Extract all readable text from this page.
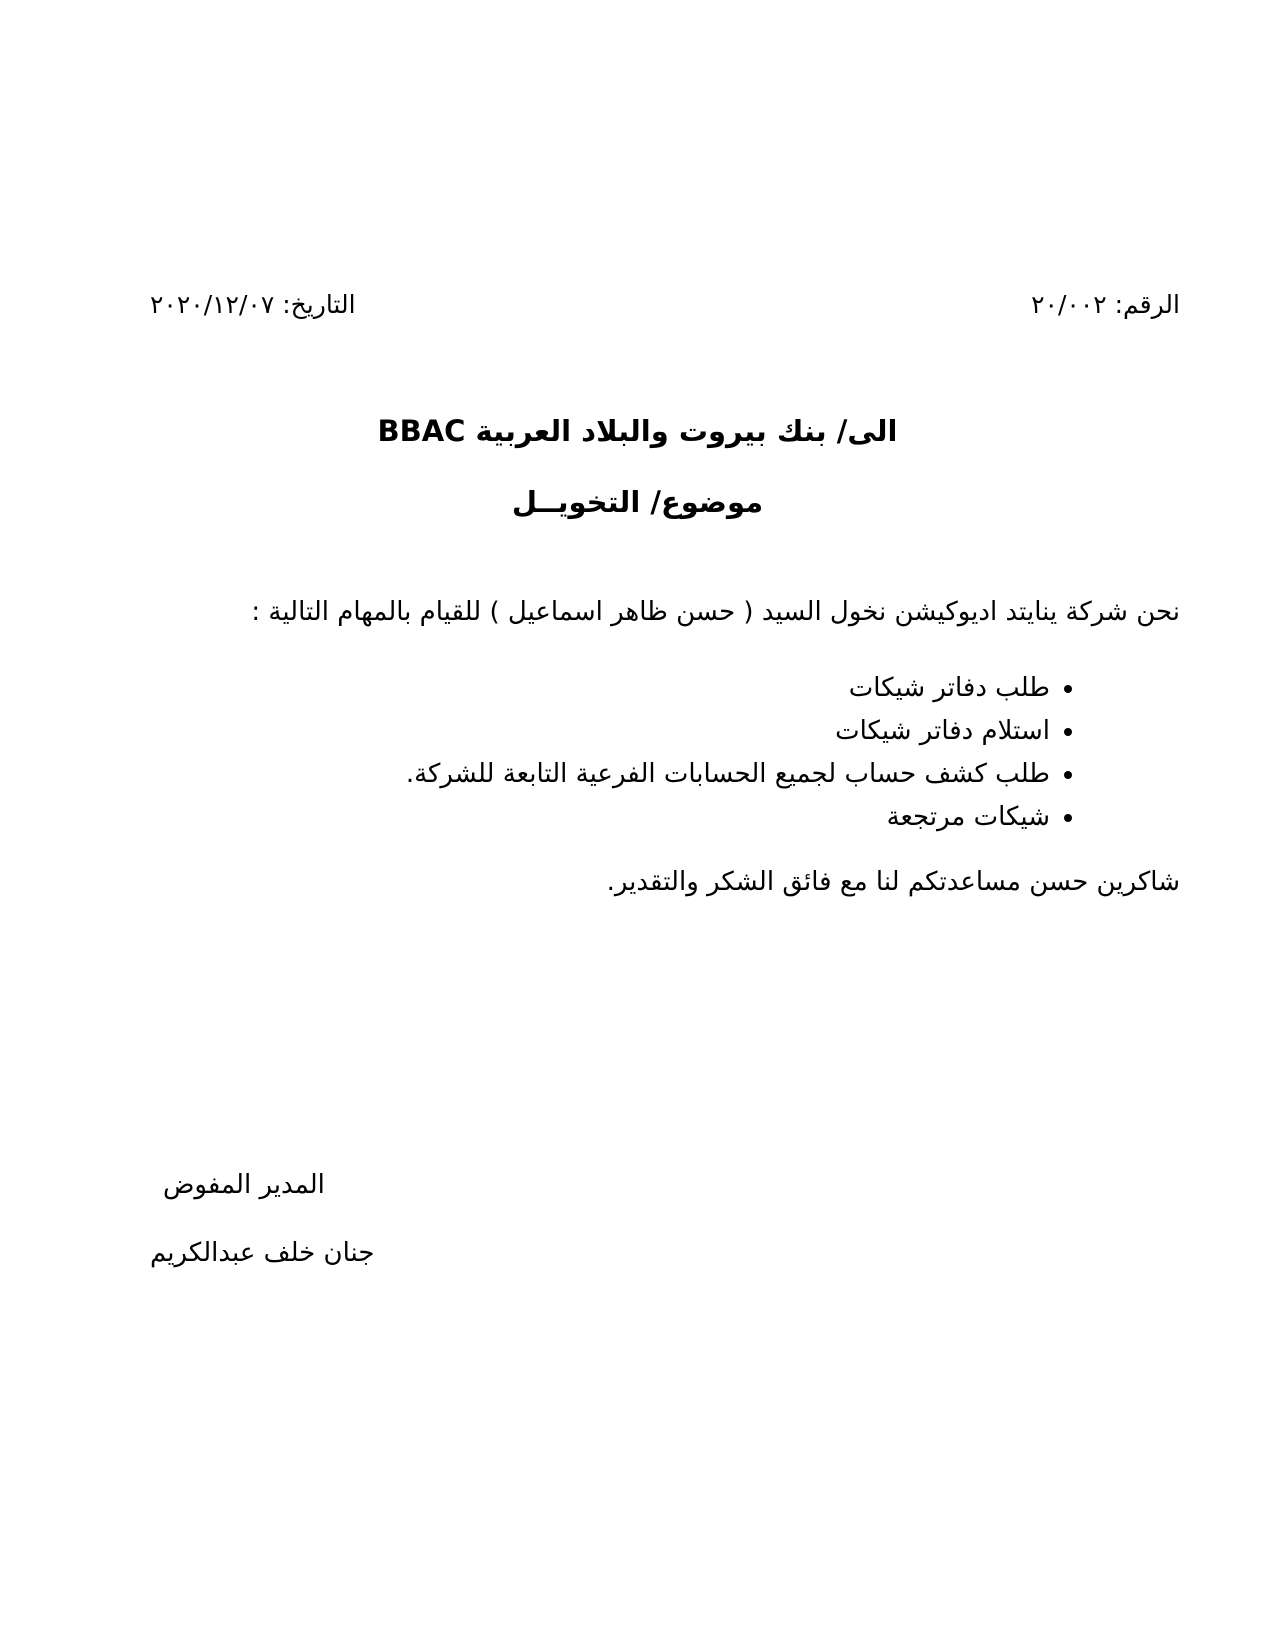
الرقم: ٢٠/٠٠٢
التاريخ: ٢٠٢٠/١٢/٠٧
الى/ بنك بيروت والبلاد العربية BBAC
موضوع/ التخويــل

نحن شركة ينايتد اديوكيشن نخول السيد ( حسن ظاهر اسماعيل ) للقيام بالمهام التالية :

• طلب دفاتر شيكات
• استلام دفاتر شيكات
• طلب كشف حساب لجميع الحسابات الفرعية التابعة للشركة.
• شيكات مرتجعة

شاكرين حسن مساعدتكم لنا مع فائق الشكر والتقدير.

المدير المفوض
جنان خلف عبدالكريم
